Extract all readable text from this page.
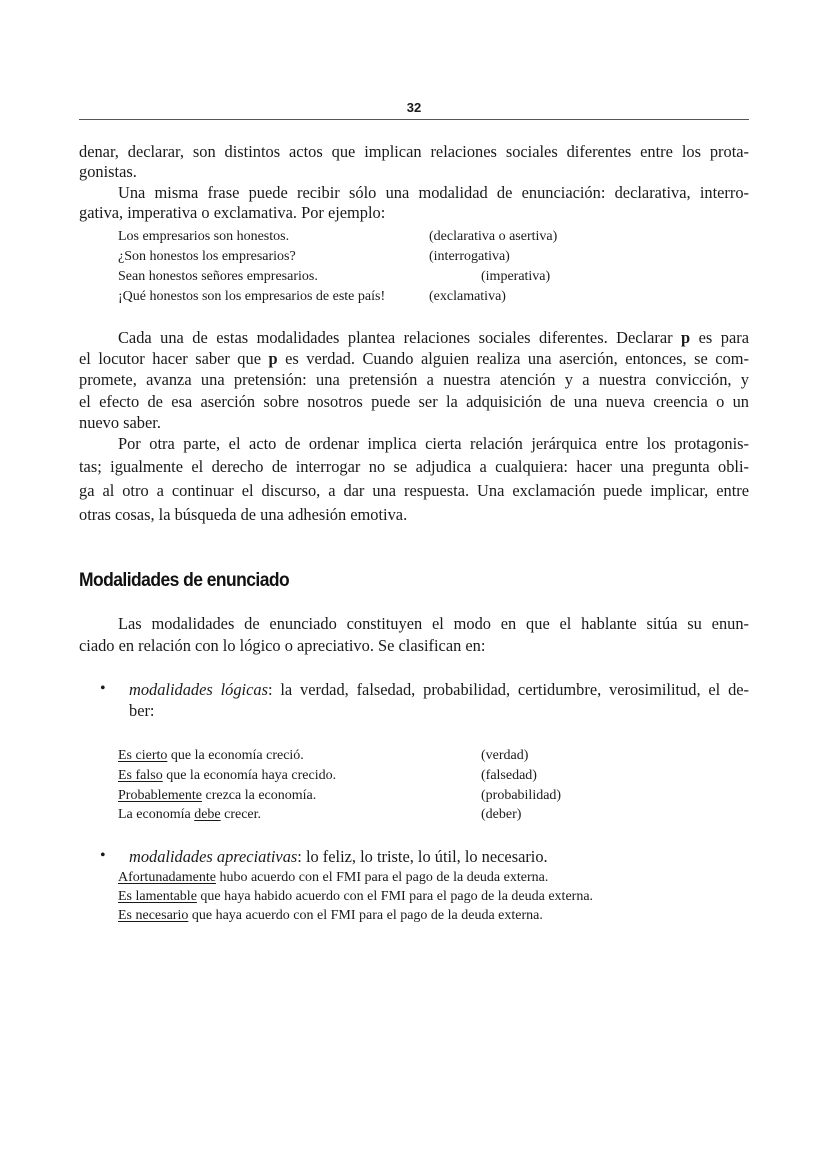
32
denar, declarar, son distintos actos que implican relaciones sociales diferentes entre los prota-
gonistas.
Una misma frase puede recibir sólo una modalidad de enunciación: declarativa, interro-
gativa, imperativa o exclamativa. Por ejemplo:
Los empresarios son honestos.	(declarativa o asertiva)
¿Son honestos los empresarios?	(interrogativa)
Sean honestos señores empresarios.	(imperativa)
¡Qué honestos son los empresarios de este país!	(exclamativa)
Cada una de estas modalidades plantea relaciones sociales diferentes. Declarar p es para
el locutor hacer saber que p es verdad. Cuando alguien realiza una aserción, entonces, se com-
promete, avanza una pretensión: una pretensión a nuestra atención y a nuestra convicción, y
el efecto de esa aserción sobre nosotros puede ser la adquisición de una nueva creencia o un
nuevo saber.
Por otra parte, el acto de ordenar implica cierta relación jerárquica entre los protagonis-
tas; igualmente el derecho de interrogar no se adjudica a cualquiera: hacer una pregunta obli-
ga al otro a continuar el discurso, a dar una respuesta. Una exclamación puede implicar, entre
otras cosas, la búsqueda de una adhesión emotiva.
Modalidades de enunciado
Las modalidades de enunciado constituyen el modo en que el hablante sitúa su enun-
ciado en relación con lo lógico o apreciativo. Se clasifican en:
• modalidades lógicas: la verdad, falsedad, probabilidad, certidumbre, verosimilitud, el de-
ber:
Es cierto que la economía creció.	(verdad)
Es falso que la economía haya crecido.	(falsedad)
Probablemente crezca la economía.	(probabilidad)
La economía debe crecer.	(deber)
• modalidades apreciativas: lo feliz, lo triste, lo útil, lo necesario.
Afortunadamente hubo acuerdo con el FMI para el pago de la deuda externa.
Es lamentable que haya habido acuerdo con el FMI para el pago de la deuda externa.
Es necesario que haya acuerdo con el FMI para el pago de la deuda externa.
